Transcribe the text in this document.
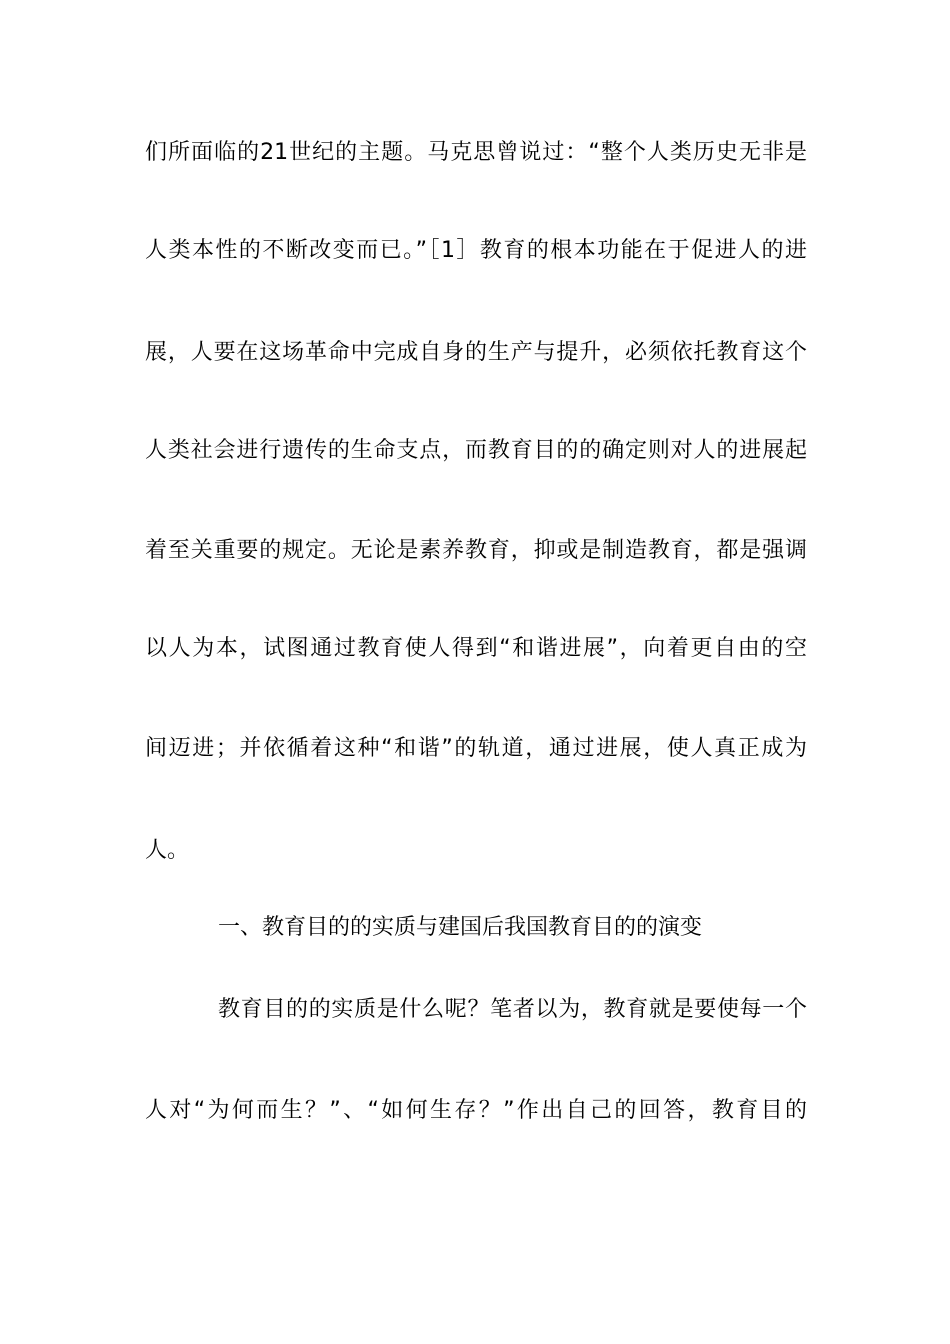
们所面临的21世纪的主题。马克思曾说过：“整个人类历史无非是
人类本性的不断改变而已。”［1］教育的根本功能在于促进人的进
展，人要在这场革命中完成自身的生产与提升，必须依托教育这个
人类社会进行遗传的生命支点，而教育目的的确定则对人的进展起
着至关重要的规定。无论是素养教育，抑或是制造教育，都是强调
以人为本，试图通过教育使人得到“和谐进展”，向着更自由的空
间迈进；并依循着这种“和谐”的轨道，通过进展，使人真正成为
人。
一、教育目的的实质与建国后我国教育目的的演变
教育目的的实质是什么呢？笔者以为，教育就是要使每一个
人对“为何而生？”、“如何生存？”作出自己的回答，教育目的
